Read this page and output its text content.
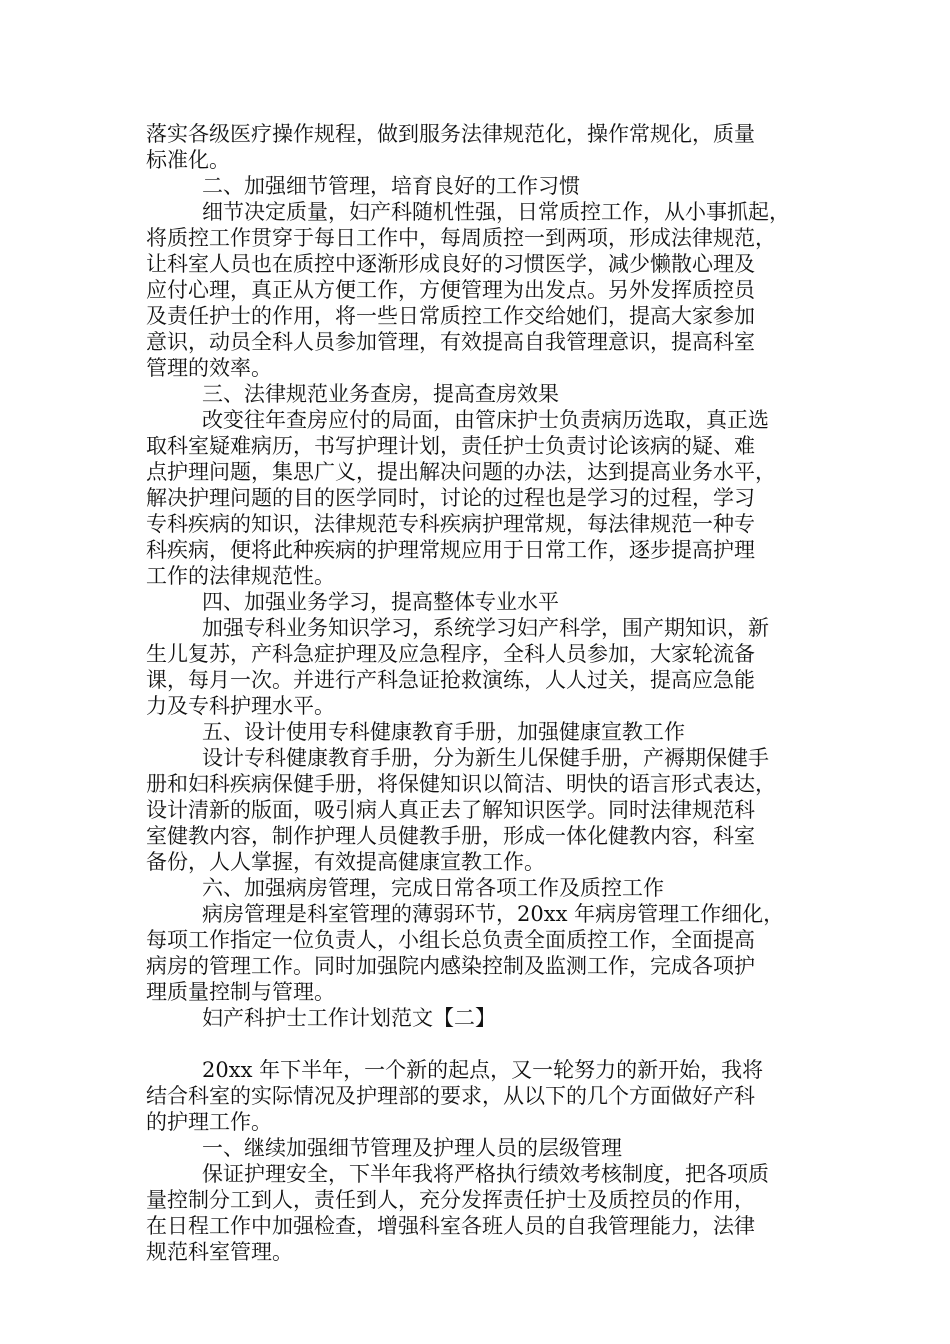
落实各级医疗操作规程，做到服务法律规范化，操作常规化，质量
标准化。
二、加强细节管理，培育良好的工作习惯
细节决定质量，妇产科随机性强，日常质控工作，从小事抓起，
将质控工作贯穿于每日工作中，每周质控一到两项，形成法律规范，
让科室人员也在质控中逐渐形成良好的习惯医学，减少懒散心理及
应付心理，真正从方便工作，方便管理为出发点。另外发挥质控员
及责任护士的作用，将一些日常质控工作交给她们，提高大家参加
意识，动员全科人员参加管理，有效提高自我管理意识，提高科室
管理的效率。
三、法律规范业务查房，提高查房效果
改变往年查房应付的局面，由管床护士负责病历选取，真正选
取科室疑难病历，书写护理计划，责任护士负责讨论该病的疑、难
点护理问题，集思广义，提出解决问题的办法，达到提高业务水平，
解决护理问题的目的医学同时，讨论的过程也是学习的过程，学习
专科疾病的知识，法律规范专科疾病护理常规，每法律规范一种专
科疾病，便将此种疾病的护理常规应用于日常工作，逐步提高护理
工作的法律规范性。
四、加强业务学习，提高整体专业水平
加强专科业务知识学习，系统学习妇产科学，围产期知识，新
生儿复苏，产科急症护理及应急程序，全科人员参加，大家轮流备
课，每月一次。并进行产科急证抢救演练，人人过关，提高应急能
力及专科护理水平。
五、设计使用专科健康教育手册，加强健康宣教工作
设计专科健康教育手册，分为新生儿保健手册，产褥期保健手
册和妇科疾病保健手册，将保健知识以简洁、明快的语言形式表达，
设计清新的版面，吸引病人真正去了解知识医学。同时法律规范科
室健教内容，制作护理人员健教手册，形成一体化健教内容，科室
备份，人人掌握，有效提高健康宣教工作。
六、加强病房管理，完成日常各项工作及质控工作
病房管理是科室管理的薄弱环节，20xx 年病房管理工作细化，
每项工作指定一位负责人，小组长总负责全面质控工作，全面提高
病房的管理工作。同时加强院内感染控制及监测工作，完成各项护
理质量控制与管理。
妇产科护士工作计划范文【二】
20xx 年下半年，一个新的起点，又一轮努力的新开始，我将
结合科室的实际情况及护理部的要求，从以下的几个方面做好产科
的护理工作。
一、继续加强细节管理及护理人员的层级管理
保证护理安全，下半年我将严格执行绩效考核制度，把各项质
量控制分工到人，责任到人，充分发挥责任护士及质控员的作用，
在日程工作中加强检查，增强科室各班人员的自我管理能力，法律
规范科室管理。
